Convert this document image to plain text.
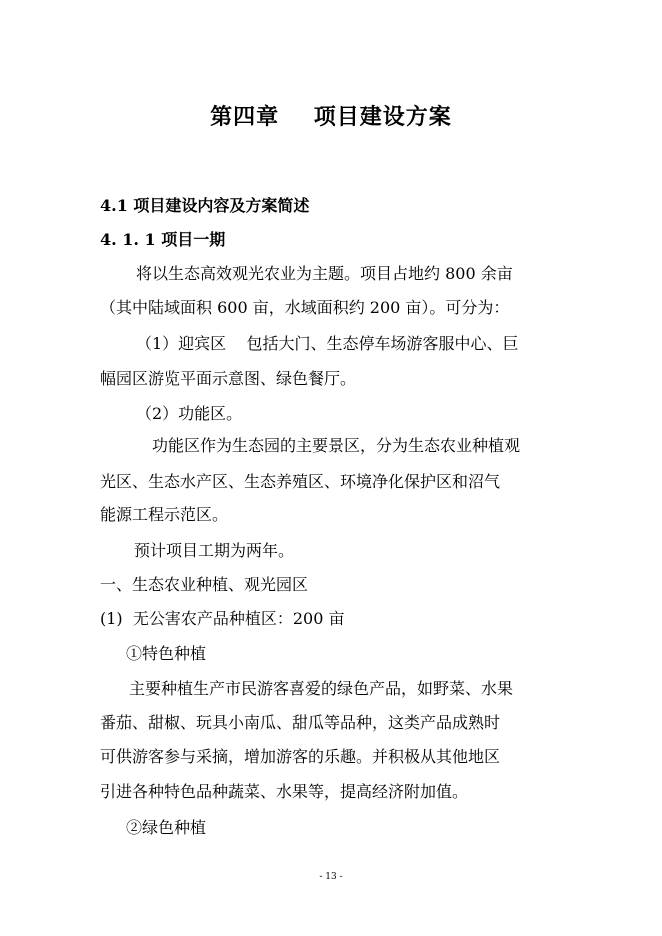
第四章    项目建设方案
4.1 项目建设内容及方案简述
4. 1. 1 项目一期
将以生态高效观光农业为主题。项目占地约 800 余亩
（其中陆域面积 600 亩，水域面积约 200 亩）。可分为：
（1）迎宾区    包括大门、生态停车场游客服中心、巨
幅园区游览平面示意图、绿色餐厅。
（2）功能区。
功能区作为生态园的主要景区，分为生态农业种植观
光区、生态水产区、生态养殖区、环境净化保护区和沼气
能源工程示范区。
预计项目工期为两年。
一、生态农业种植、观光园区
(1)  无公害农产品种植区：200 亩
①特色种植
主要种植生产市民游客喜爱的绿色产品，如野菜、水果
番茄、甜椒、玩具小南瓜、甜瓜等品种，这类产品成熟时
可供游客参与采摘，增加游客的乐趣。并积极从其他地区
引进各种特色品种蔬菜、水果等，提高经济附加值。
②绿色种植
- 13 -
